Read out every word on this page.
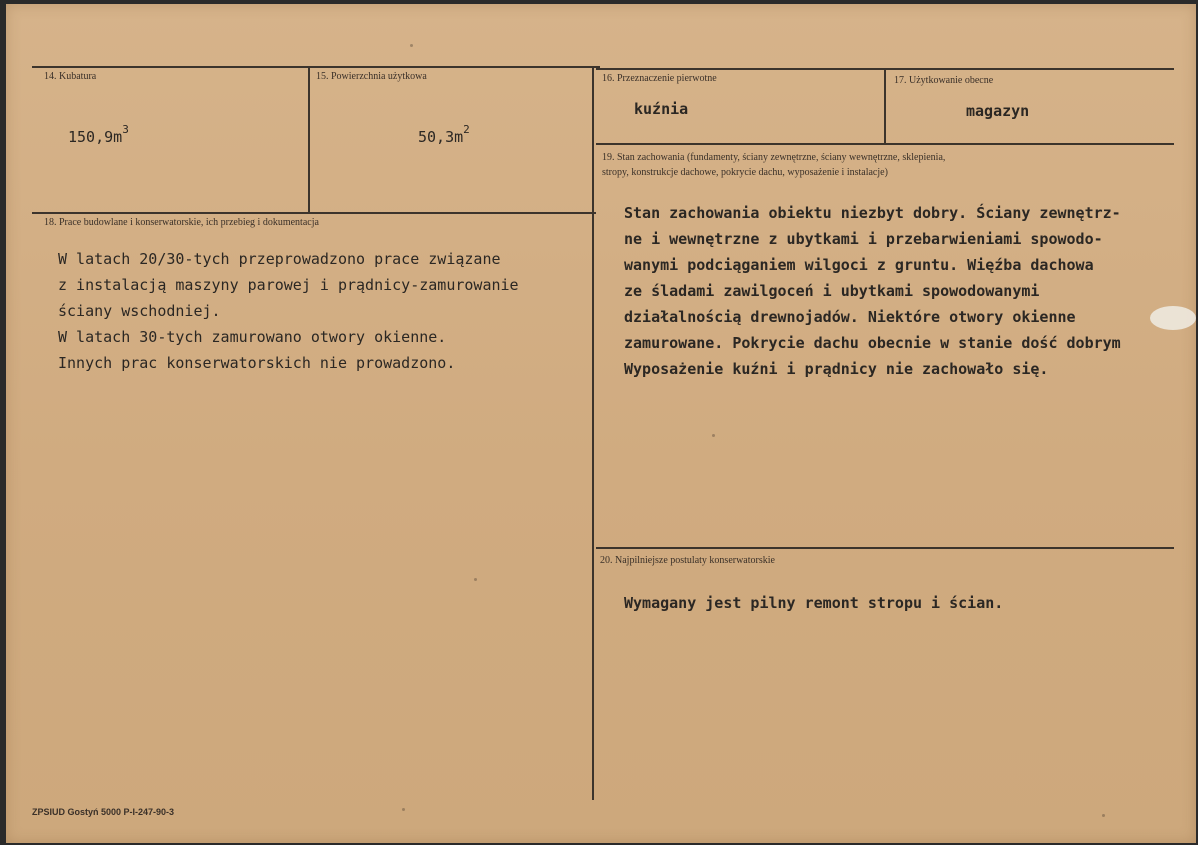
14. Kubatura
$150,9m^3$
15. Powierzchnia użytkowa
$50,3m^2$
16. Przeznaczenie pierwotne
kuźnia
17. Użytkowanie obecne
magazyn
18. Prace budowlane i konserwatorskie, ich przebieg i dokumentacja
W latach 20/30-tych przeprowadzono prace związane
z instalacją maszyny parowej i prądnicy-zamurowanie
ściany wschodniej.
W latach 30-tych zamurowano otwory okienne.
Innych prac konserwatorskich nie prowadzono.
19. Stan zachowania (fundamenty, ściany zewnętrzne, ściany wewnętrzne, sklepienia,
stropy, konstrukcje dachowe, pokrycie dachu, wyposażenie i instalacje)
Stan zachowania obiektu niezbyt dobry. Ściany zewnętrz-
ne i wewnętrzne z ubytkami i przebarwieniami spowodo-
wanymi podciąganiem wilgoci z gruntu. Więźba dachowa
ze śladami zawilgoceń i ubytkami spowodowanymi
działalnością drewnojadów. Niektóre otwory okienne
zamurowane. Pokrycie dachu obecnie w stanie dość dobrym
Wyposażenie kuźni i prądnicy nie zachowało się.
20. Najpilniejsze postulaty konserwatorskie
Wymagany jest pilny remont stropu i ścian.
ZPSIUD Gostyń 5000 P-I-247-90-3
